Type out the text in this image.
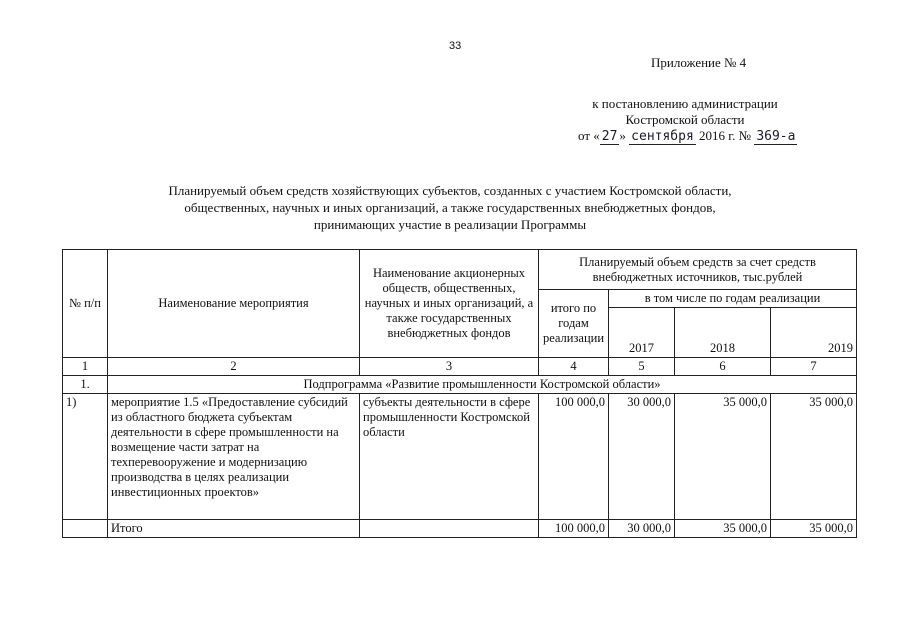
33
Приложение № 4
к постановлению администрации
Костромской области
от « 27 » сентября 2016 г. № 369-а
Планируемый объем средств хозяйствующих субъектов, созданных с участием Костромской области,
общественных, научных и иных организаций, а также государственных внебюджетных фондов,
принимающих участие в реализации Программы
№ п/п	Наименование мероприятия	Наименование акционерных обществ, общественных, научных и иных организаций, а также государственных внебюджетных фондов	Планируемый объем средств за счет средств внебюджетных источников, тыс.рублей			
			итого по годам реализации	в том числе по годам реализации		
				2017	2018	2019
1	2	3	4	5	6	7
1.	Подпрограмма «Развитие промышленности Костромской области»					
1)	мероприятие 1.5 «Предоставление субсидий из областного бюджета субъектам деятельности в сфере промышленности на возмещение части затрат на техперевооружение и модернизацию производства в целях реализации инвестиционных проектов»	субъекты деятельности в сфере промышленности Костромской области	100 000,0	30 000,0	35 000,0	35 000,0
	Итого		100 000,0	30 000,0	35 000,0	35 000,0
